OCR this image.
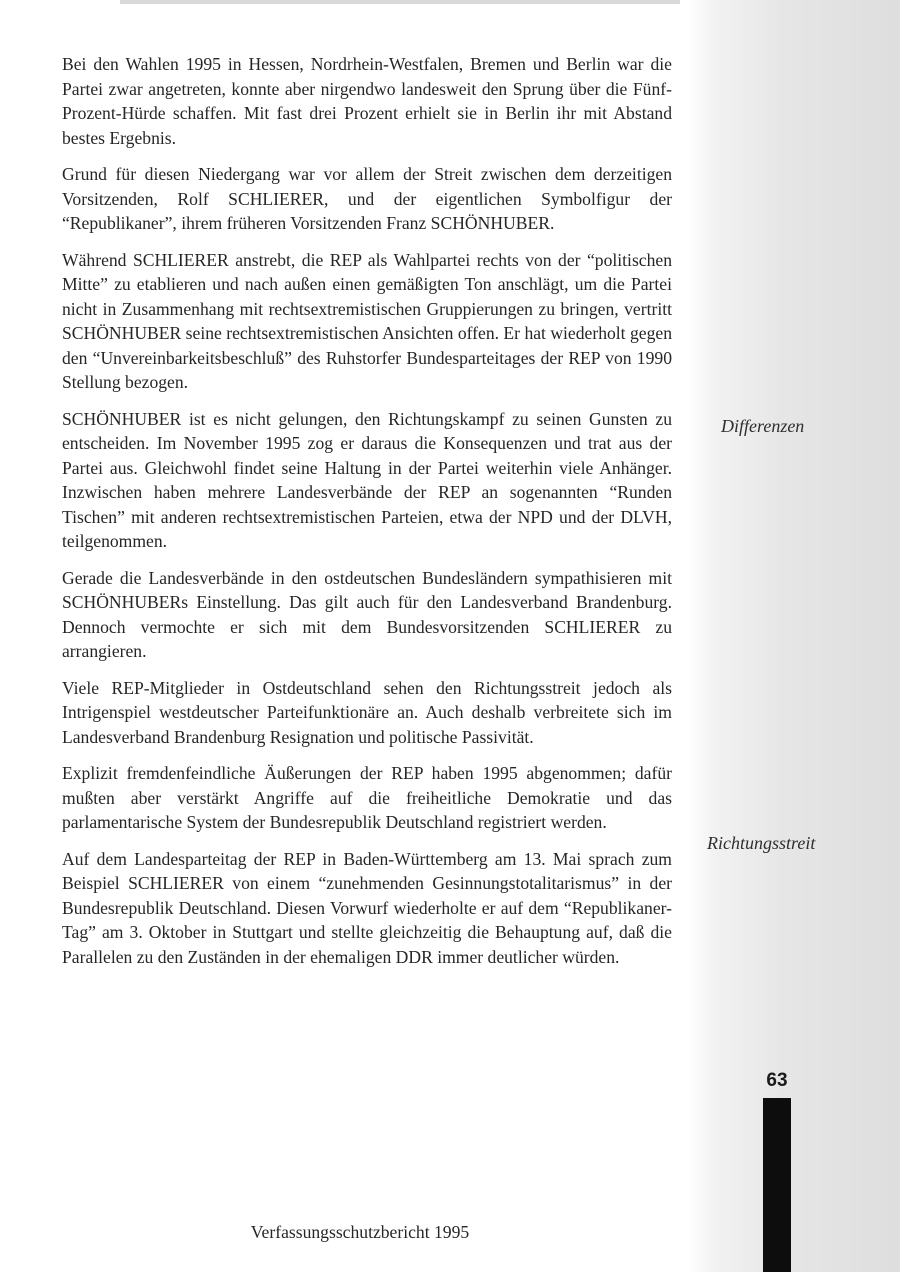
Bei den Wahlen 1995 in Hessen, Nordrhein-Westfalen, Bremen und Berlin war die Partei zwar angetreten, konnte aber nirgendwo landesweit den Sprung über die Fünf-Prozent-Hürde schaffen. Mit fast drei Prozent erhielt sie in Berlin ihr mit Abstand bestes Ergebnis.

Grund für diesen Niedergang war vor allem der Streit zwischen dem derzeitigen Vorsitzenden, Rolf SCHLIERER, und der eigentlichen Symbolfigur der “Republikaner”, ihrem früheren Vorsitzenden Franz SCHÖNHUBER.

Während SCHLIERER anstrebt, die REP als Wahlpartei rechts von der “politischen Mitte” zu etablieren und nach außen einen gemäßigten Ton anschlägt, um die Partei nicht in Zusammenhang mit rechtsextremistischen Gruppierungen zu bringen, vertritt SCHÖNHUBER seine rechtsextremistischen Ansichten offen. Er hat wiederholt gegen den “Unvereinbarkeitsbeschluß” des Ruhstorfer Bundesparteitages der REP von 1990 Stellung bezogen.

SCHÖNHUBER ist es nicht gelungen, den Richtungskampf zu seinen Gunsten zu entscheiden. Im November 1995 zog er daraus die Konsequenzen und trat aus der Partei aus. Gleichwohl findet seine Haltung in der Partei weiterhin viele Anhänger. Inzwischen haben mehrere Landesverbände der REP an sogenannten “Runden Tischen” mit anderen rechtsextremistischen Parteien, etwa der NPD und der DLVH, teilgenommen.

Gerade die Landesverbände in den ostdeutschen Bundesländern sympathisieren mit SCHÖNHUBERs Einstellung. Das gilt auch für den Landesverband Brandenburg. Dennoch vermochte er sich mit dem Bundesvorsitzenden SCHLIERER zu arrangieren.

Viele REP-Mitglieder in Ostdeutschland sehen den Richtungsstreit jedoch als Intrigenspiel westdeutscher Parteifunktionäre an. Auch deshalb verbreitete sich im Landesverband Brandenburg Resignation und politische Passivität.

Explizit fremdenfeindliche Äußerungen der REP haben 1995 abgenommen; dafür mußten aber verstärkt Angriffe auf die freiheitliche Demokratie und das parlamentarische System der Bundesrepublik Deutschland registriert werden.

Auf dem Landesparteitag der REP in Baden-Württemberg am 13. Mai sprach zum Beispiel SCHLIERER von einem “zunehmenden Gesinnungstotalitarismus” in der Bundesrepublik Deutschland. Diesen Vorwurf wiederholte er auf dem “Republikaner-Tag” am 3. Oktober in Stuttgart und stellte gleichzeitig die Behauptung auf, daß die Parallelen zu den Zuständen in der ehemaligen DDR immer deutlicher würden.

Differenzen
Richtungsstreit
63
Verfassungsschutzbericht 1995
